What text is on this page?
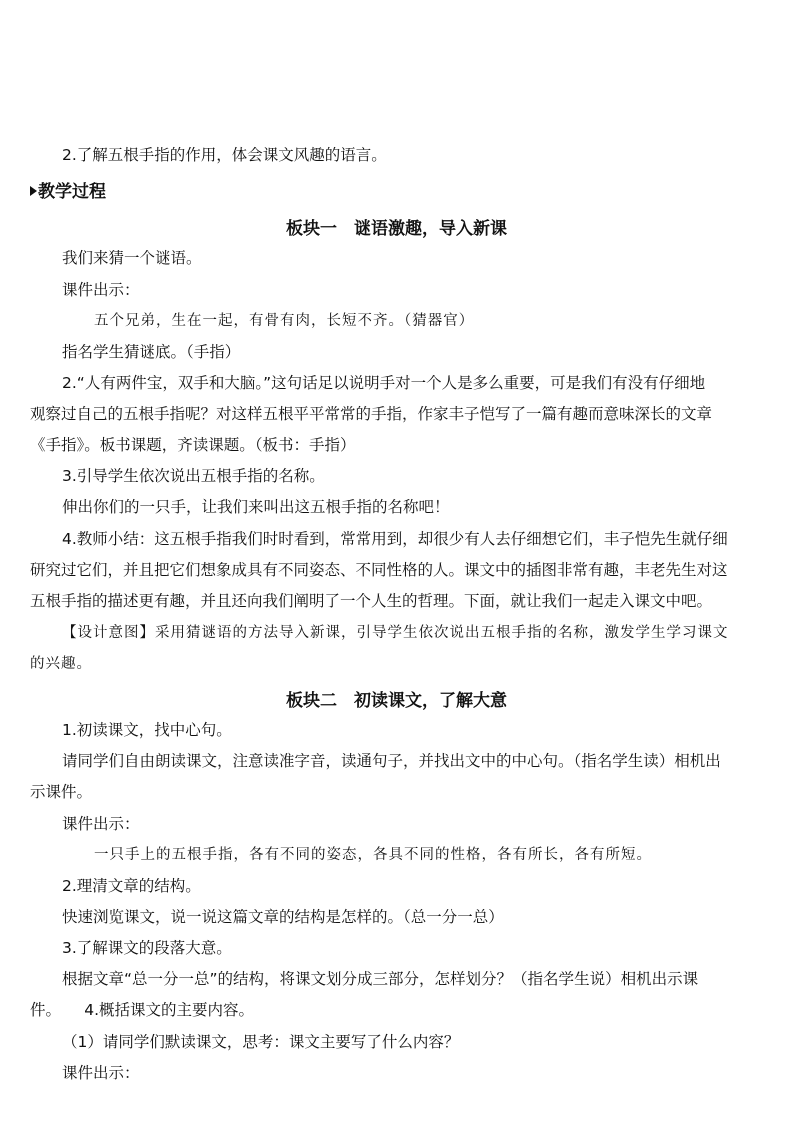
2.了解五根手指的作用，体会课文风趣的语言。
教学过程
板块一　谜语激趣，导入新课
我们来猜一个谜语。
课件出示：
五个兄弟，生在一起，有骨有肉，长短不齐。（猜器官）
指名学生猜谜底。（手指）
2.“人有两件宝，双手和大脑。”这句话足以说明手对一个人是多么重要，可是我们有没有仔细地
观察过自己的五根手指呢？对这样五根平平常常的手指，作家丰子恺写了一篇有趣而意味深长的文章
《手指》。板书课题，齐读课题。（板书：手指）
3.引导学生依次说出五根手指的名称。
伸出你们的一只手，让我们来叫出这五根手指的名称吧！
4.教师小结：这五根手指我们时时看到，常常用到，却很少有人去仔细想它们，丰子恺先生就仔细
研究过它们，并且把它们想象成具有不同姿态、不同性格的人。课文中的插图非常有趣，丰老先生对这
五根手指的描述更有趣，并且还向我们阐明了一个人生的哲理。下面，就让我们一起走入课文中吧。
【设计意图】采用猜谜语的方法导入新课，引导学生依次说出五根手指的名称，激发学生学习课文
的兴趣。
板块二　初读课文，了解大意
1.初读课文，找中心句。
请同学们自由朗读课文，注意读准字音，读通句子，并找出文中的中心句。（指名学生读）相机出
示课件。
课件出示：
一只手上的五根手指，各有不同的姿态，各具不同的性格，各有所长，各有所短。
2.理清文章的结构。
快速浏览课文，说一说这篇文章的结构是怎样的。（总一分一总）
3.了解课文的段落大意。
根据文章“总一分一总”的结构，将课文划分成三部分，怎样划分？（指名学生说）相机出示课
件。　　4.概括课文的主要内容。
（1）请同学们默读课文，思考：课文主要写了什么内容？
课件出示：
